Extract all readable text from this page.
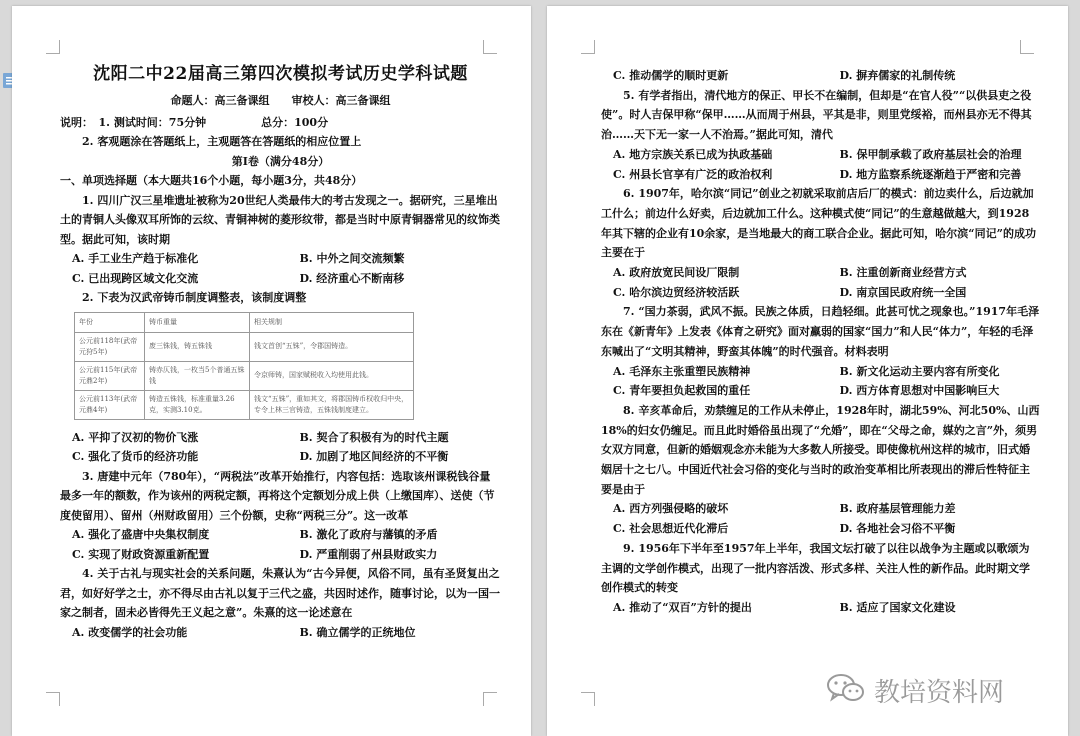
沈阳二中22届高三第四次模拟考试历史学科试题
命题人：高三备课组　　审校人：高三备课组
说明：　1. 测试时间：75分钟　　　　　总分：100分
2. 客观题涂在答题纸上，主观题答在答题纸的相应位置上
第Ⅰ卷（满分48分）
一、单项选择题（本大题共16个小题，每小题3分，共48分）
1. 四川广汉三星堆遗址被称为20世纪人类最伟大的考古发现之一。据研究，三星堆出土的青铜人头像双耳所饰的云纹、青铜神树的菱形纹带，都是当时中原青铜器常见的纹饰类型。据此可知，该时期
A. 手工业生产趋于标准化	B. 中外之间交流频繁
C. 已出现跨区域文化交流	D. 经济重心不断南移
2. 下表为汉武帝铸币制度调整表，该制度调整
年份	铸币重量	相关规制
公元前118年(武帝元狩5年)	废三铢钱，铸五铢钱	钱文首创“五铢”，令郡国铸造。
公元前115年(武帝元鼎2年)	铸赤仄钱，一枚当5个普通五铢钱	令京师铸，国家赋税收入均使用此钱。
公元前113年(武帝元鼎4年)	铸造五铢钱，标准重量3.26克，实测3.10克。	钱文“五铢”，重如其文，将郡国铸币权收归中央，专令上林三官铸造，五铢钱制度建立。
A. 平抑了汉初的物价飞涨	B. 契合了积极有为的时代主题
C. 强化了货币的经济功能	D. 加剧了地区间经济的不平衡
3. 唐建中元年（780年），“两税法”改革开始推行，内容包括：选取该州课税钱谷量最多一年的额数，作为该州的两税定额，再将这个定额划分成上供（上缴国库）、送使（节度使留用）、留州（州财政留用）三个份额，史称“两税三分”。这一改革
A. 强化了盛唐中央集权制度	B. 激化了政府与藩镇的矛盾
C. 实现了财政资源重新配置	D. 严重削弱了州县财政实力
4. 关于古礼与现实社会的关系问题，朱熹认为“古今异便，风俗不同，虽有圣贤复出之君，如好好学之士，亦不得尽由古礼以复于三代之盛，共因时述作，随事讨论，以为一国一家之制者，固未必皆得先王义起之意”。朱熹的这一论述意在
A. 改变儒学的社会功能	B. 确立儒学的正统地位
C. 推动儒学的顺时更新	D. 摒弃儒家的礼制传统
5. 有学者指出，清代地方的保正、甲长不在编制，但却是“在官人役”“以供县吏之役使”。时人吉保甲称“保甲……从而周于州县，平其是非，则里党绥裕，而州县亦无不得其治……天下无一家一人不治焉。”据此可知，清代
A. 地方宗族关系已成为执政基础	B. 保甲制承载了政府基层社会的治理
C. 州县长官享有广泛的政治权利	D. 地方监察系统逐渐趋于严密和完善
6. 1907年，哈尔滨“同记”创业之初就采取前店后厂的模式：前边卖什么，后边就加工什么；前边什么好卖，后边就加工什么。这种模式使“同记”的生意越做越大，到1928年其下辖的企业有10余家，是当地最大的商工联合企业。据此可知，哈尔滨“同记”的成功主要在于
A. 政府放宽民间设厂限制	B. 注重创新商业经营方式
C. 哈尔滨边贸经济较活跃	D. 南京国民政府统一全国
7. “国力茶弱，武风不振。民族之体质，日趋轻细。此甚可忧之现象也。”1917年毛泽东在《新青年》上发表《体育之研究》面对羸弱的国家“国力”和人民“体力”，年轻的毛泽东喊出了“文明其精神，野蛮其体魄”的时代强音。材料表明
A. 毛泽东主张重塑民族精神	B. 新文化运动主要内容有所变化
C. 青年要担负起救国的重任	D. 西方体育思想对中国影响巨大
8. 辛亥革命后，劝禁缠足的工作从未停止，1928年时，湖北59%、河北50%、山西18%的妇女仍缠足。而且此时婚俗虽出现了“允婚”，即在“父母之命，媒妁之言”外，须男女双方同意，但新的婚姻观念亦未能为大多数人所接受。即使像杭州这样的城市，旧式婚姻居十之七八。中国近代社会习俗的变化与当时的政治变革相比所表现出的滞后性特征主要是由于
A. 西方列强侵略的破坏	B. 政府基层管理能力差
C. 社会思想近代化滞后	D. 各地社会习俗不平衡
9. 1956年下半年至1957年上半年，我国文坛打破了以往以战争为主题或以歌颂为主调的文学创作模式，出现了一批内容活泼、形式多样、关注人性的新作品。此时期文学创作模式的转变
A. 推动了“双百”方针的提出	B. 适应了国家文化建设
教培资料网
